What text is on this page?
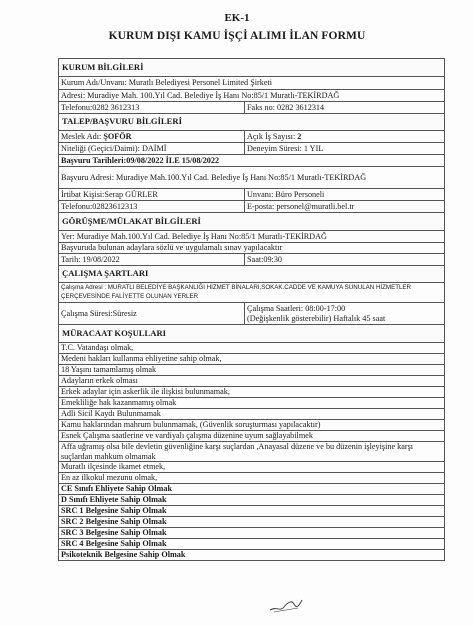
EK-1
KURUM DIŞI KAMU İŞÇİ ALIMI İLAN FORMU
KURUM BİLGİLERİ	
Kurum Adı/Unvanı: Muratlı Belediyesi Personel Limited Şirketi	
Adresi: Muradiye Mah. 100.Yıl Cad. Belediye İş Hanı No:85/1 Muratlı-TEKİRDAĞ	
Telefonu:0282 3612313	Faks no: 0282 3612314
TALEP/BAŞVURU BİLGİLERİ	
Meslek Adı: ŞOFÖR	Açık İş Sayısı: 2
Niteliği (Geçici/Daimi): DAİMİ	Deneyim Süresi: 1 YIL
Başvuru Tarihleri:09/08/2022 İLE 15/08/2022	
Başvuru Adresi: Muradiye Mah.100.Yıl Cad. Belediye İş Hanı No:85/1 Muratlı-TEKİRDAĞ	
İrtibat Kişisi:Serap GÜRLER	Unvanı: Büro Personeli
Telefonu:02823612313	E-posta: personel@muratli.bel.tr
GÖRÜŞME/MÜLAKAT BİLGİLERİ	
Yer: Muradiye Mah.100.Yıl Cad. Belediye İş Hanı No:85/1 Muratlı-TEKİRDAĞ	
Başvuruda bulunan adaylara sözlü ve uygulamalı sınav yapılacaktır	
Tarih: 19/08/2022	Saat:09:30
ÇALIŞMA ŞARTLARI	
Çalışma Adresi : MURATLI BELEDİYE BAŞKANLIĞI HİZMET BİNALARI,SOKAK.CADDE VE KAMUYA SUNULAN HİZMETLER ÇERÇEVESİNDE FALİYETTE OLUNAN YERLER	
Çalışma Süresi:Süresiz	Çalışma Saatleri: 08:00-17:00
(Değişkenlik gösterebilir) Haftalık 45 saat

MÜRACAAT KOŞULLARI	
T.C. Vatandaşı olmak,	
Medeni hakları kullanma ehliyetine sahip olmak,	
18 Yaşını tamamlamış olmak	
Adayların erkek olması	
Erkek adaylar için askerlik ile ilişkisi bulunmamak,	
Emekliliğe hak kazanmamış olmak	
Adli Sicil Kaydı Bulunmamak	
Kamu haklarından mahrum bulunmamak, (Güvenlik soruşturması yapılacaktır)	
Esnek Çalışma saatlerine ve vardiyalı çalışma düzenine uyum sağlayabilmek	
Affa uğramış olsa bile devletin güvenliğine karşı suçlardan ,Anayasal düzene ve bu düzenin işleyişine karşı suçlardan mahkum olmamak	
Muratlı ilçesinde ikamet etmek,	
En az ilkokul mezunu olmak,	
CE Sınıfı Ehliyete Sahip Olmak	
D Sınıfı Ehliyete Sahip Olmak	
SRC 1 Belgesine Sahip Olmak	
SRC 2 Belgesine Sahip Olmak	
SRC 3 Belgesine Sahip Olmak	
SRC 4 Belgesine Sahip Olmak	
Psikoteknik Belgesine Sahip Olmak	
